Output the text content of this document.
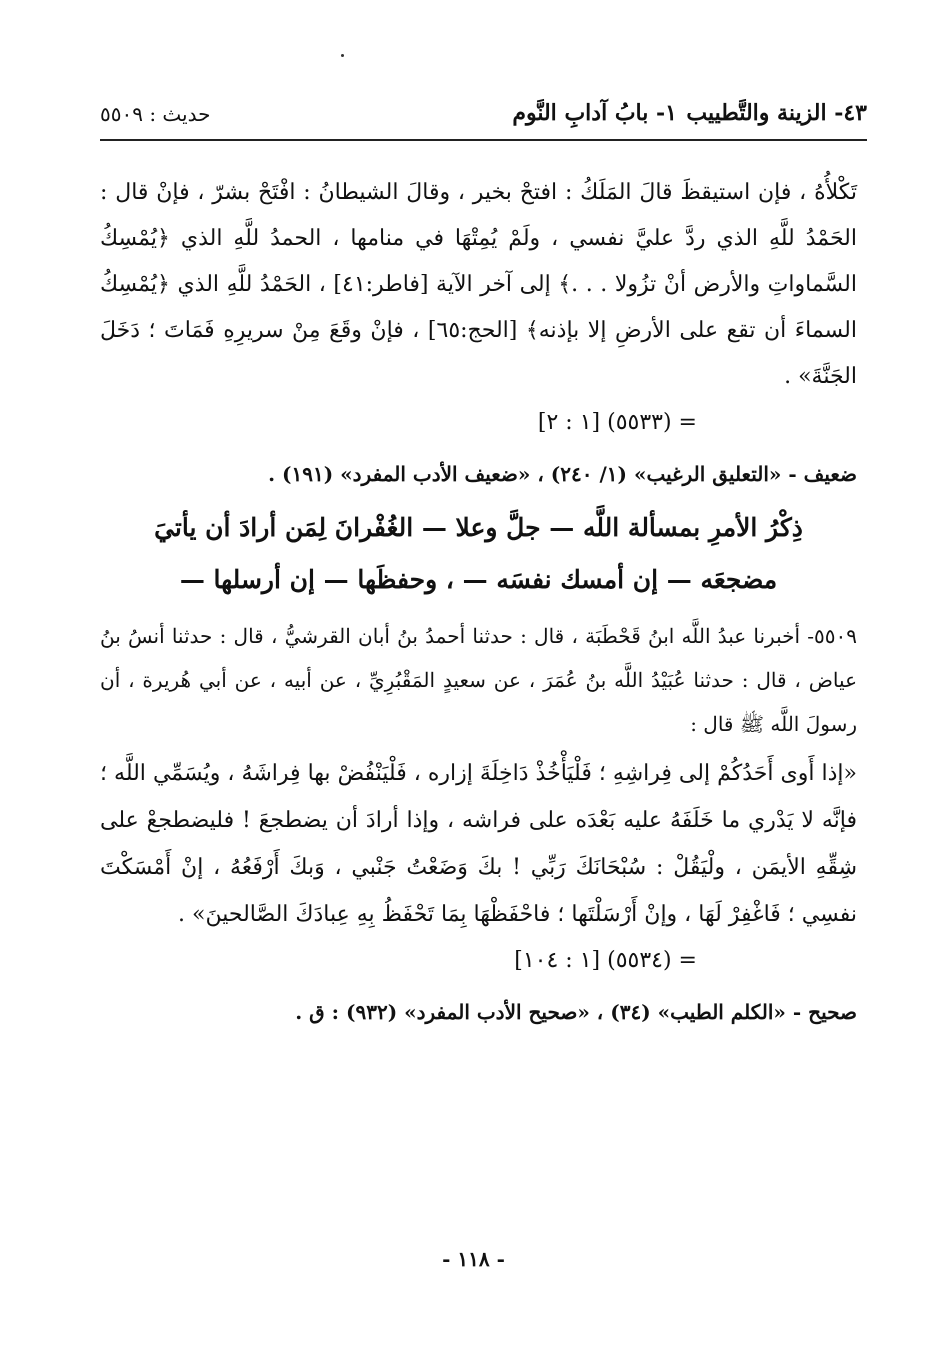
٤٣- الزينة والتَّطييب
١- بابُ آدابِ النَّوم
حديث : ٥٥٠٩

تَكْلأُهُ ، فإن استيقظَ قالَ المَلَكُ : افتحْ بخير ، وقالَ الشيطانُ : افْتَحْ بشرّ ، فإنْ قال : الحَمْدُ للَّهِ الذي ردَّ عليَّ نفسي ، ولَمْ يُمِتْهَا في منامها ، الحمدُ للَّهِ الذي ﴿يُمْسِكُ السَّماواتِ والأرض أنْ تزُولا . . .﴾ إلى آخر الآية [فاطر:٤١] ، الحَمْدُ للَّهِ الذي ﴿يُمْسِكُ السماءَ أن تقع على الأرضِ إلا بإذنه﴾ [الحج:٦٥] ، فإنْ وقَعَ مِنْ سريرِهِ فَمَاتَ ؛ دَخَلَ الجَنَّةَ» .

= (٥٥٣٣) [١ : ٢]

ضعيف - «التعليق الرغيب» (١/ ٢٤٠) ، «ضعيف الأدب المفرد» (١٩١) .

ذِكْرُ الأمرِ بمسألة اللَّه — جلَّ وعلا — الغُفْرانَ لِمَن أرادَ أن يأتيَ مضجعَه — إن أمسك نفسَه — ، وحفظَها — إن أرسلها —

٥٥٠٩- أخبرنا عبدُ اللَّه ابنُ قَحْطَبَة ، قال : حدثنا أحمدُ بنُ أبان القرشيُّ ، قال : حدثنا أنسُ بنُ عياض ، قال : حدثنا عُبَيْدُ اللَّه بنُ عُمَرَ ، عن سعيدٍ المَقْبُرِيِّ ، عن أبيه ، عن أبي هُريرة ، أن رسولَ اللَّه ﷺ قال :

«إذا أَوى أَحَدُكُمْ إلى فِراشِهِ ؛ فَلْيَأْخُذْ دَاخِلَةَ إزاره ، فَلْيَنْفُضْ بها فِراشَهُ ، ويُسَمِّي اللَّه ؛ فإنَّه لا يَدْري ما خَلَفَهُ عليه بَعْدَه على فراشه ، وإذا أرادَ أن يضطجعَ ! فليضطجعْ على شِقِّهِ الأيمَن ، ولْيَقُلْ : سُبْحَانَكَ رَبِّي ! بكَ وَضَعْتُ جَنْبي ، وَبكَ أَرْفَعُهُ ، إنْ أَمْسَكْتَ نفسِي ؛ فَاغْفِرْ لَهَا ، وإنْ أَرْسَلْتَها ؛ فاحْفَظْهَا بِمَا تَحْفَظُ بِهِ عِبادَكَ الصَّالحينَ» .

= (٥٥٣٤) [١ : ١٠٤]

صحيح - «الكلم الطيب» (٣٤) ، «صحيح الأدب المفرد» (٩٣٢) : ق .

- ١١٨ -
